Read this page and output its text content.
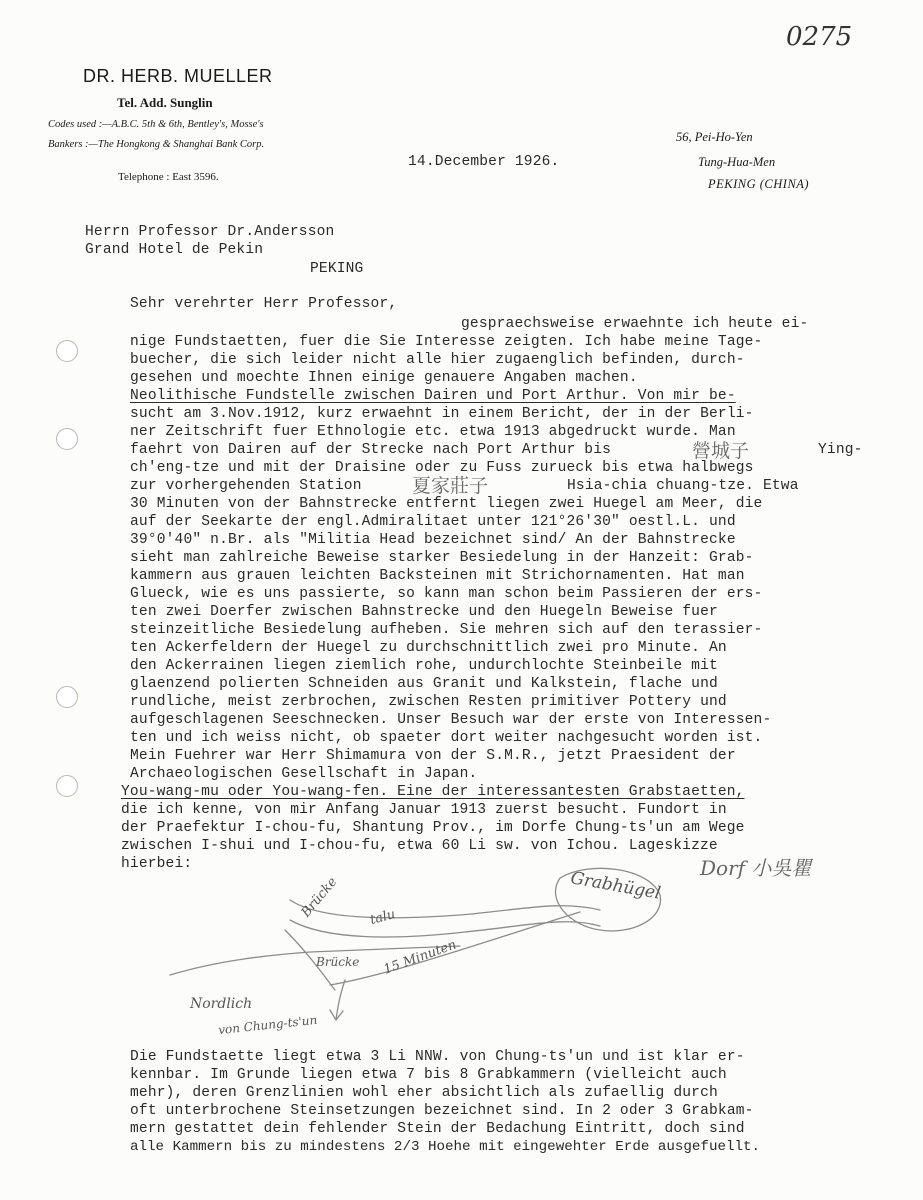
0275
DR. HERB. MUELLER
Tel. Add. Sunglin
Codes used :—A.B.C. 5th & 6th, Bentley's, Mosse's
Bankers :—The Hongkong & Shanghai Bank Corp.
Telephone : East 3596.
56, Pei-Ho-Yen
Tung-Hua-Men
PEKING (CHINA)
14.December 1926.
Herrn Professor Dr.Andersson
Grand Hotel de Pekin
PEKING
Sehr verehrter Herr Professor,
gespraechsweise erwaehnte ich heute ei-
nige Fundstaetten, fuer die Sie Interesse zeigten. Ich habe meine Tage-
buecher, die sich leider nicht alle hier zugaenglich befinden, durch-
gesehen und moechte Ihnen einige genauere Angaben machen.
Neolithische Fundstelle zwischen Dairen und Port Arthur. Von mir be-
sucht am 3.Nov.1912, kurz erwaehnt in einem Bericht, der in der Berli-
ner Zeitschrift fuer Ethnologie etc. etwa 1913 abgedruckt wurde. Man
faehrt von Dairen auf der Strecke nach Port Arthur bis	營城子	Ying-
ch'eng-tze und mit der Draisine oder zu Fuss zurueck bis etwa halbwegs
zur vorhergehenden Station	夏家莊子	Hsia-chia chuang-tze. Etwa
30 Minuten von der Bahnstrecke entfernt liegen zwei Huegel am Meer, die
auf der Seekarte der engl.Admiralitaet unter 121°26'30" oestl.L. und
39°0'40" n.Br. als "Militia Head bezeichnet sind/ An der Bahnstrecke
sieht man zahlreiche Beweise starker Besiedelung in der Hanzeit: Grab-
kammern aus grauen leichten Backsteinen mit Strichornamenten. Hat man
Glueck, wie es uns passierte, so kann man schon beim Passieren der ers-
ten zwei Doerfer zwischen Bahnstrecke und den Huegeln Beweise fuer
steinzeitliche Besiedelung aufheben. Sie mehren sich auf den terassier-
ten Ackerfeldern der Huegel zu durchschnittlich zwei pro Minute. An
den Ackerrainen liegen ziemlich rohe, undurchlochte Steinbeile mit
glaenzend polierten Schneiden aus Granit und Kalkstein, flache und
rundliche, meist zerbrochen, zwischen Resten primitiver Pottery und
aufgeschlagenen Seeschnecken. Unser Besuch war der erste von Interessen-
ten und ich weiss nicht, ob spaeter dort weiter nachgesucht worden ist.
Mein Fuehrer war Herr Shimamura von der S.M.R., jetzt Praesident der
Archaeologischen Gesellschaft in Japan.
You-wang-mu oder You-wang-fen. Eine der interessantesten Grabstaetten,
die ich kenne, von mir Anfang Januar 1913 zuerst besucht. Fundort in
der Praefektur I-chou-fu, Shantung Prov., im Dorfe Chung-ts'un am Wege
zwischen I-shui und I-chou-fu, etwa 60 Li sw. von Ichou. Lageskizze
hierbei:	Dorf 小吳瞿
Grabhügel
Brücke
15 Minuten
talu
Brücke
Nordlich
von Chung-ts'un
Die Fundstaette liegt etwa 3 Li NNW. von Chung-ts'un und ist klar er-
kennbar. Im Grunde liegen etwa 7 bis 8 Grabkammern (vielleicht auch
mehr), deren Grenzlinien wohl eher absichtlich als zufaellig durch
oft unterbrochene Steinsetzungen bezeichnet sind. In 2 oder 3 Grabkam-
mern gestattet dein fehlender Stein der Bedachung Eintritt, doch sind
alle Kammern bis zu mindestens 2/3 Hoehe mit eingewehter Erde ausgefuellt.
